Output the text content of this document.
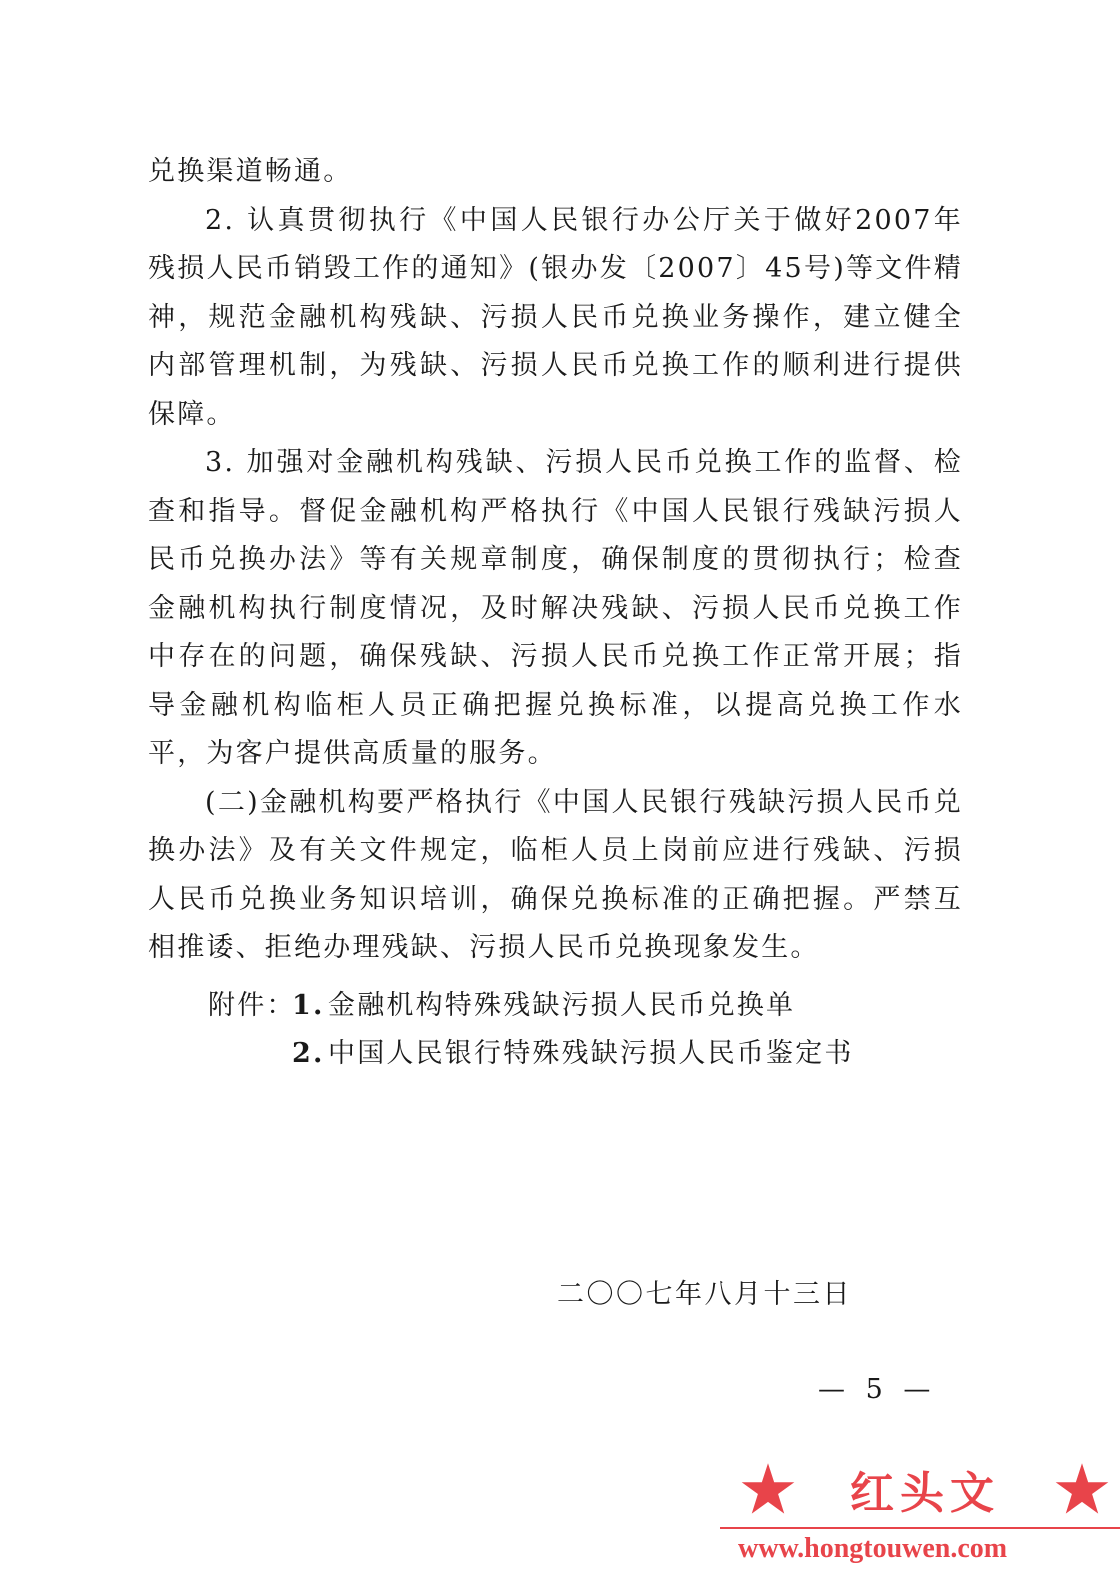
兑换渠道畅通。

2. 认真贯彻执行《中国人民银行办公厅关于做好2007年残损人民币销毁工作的通知》(银办发〔2007〕45号)等文件精神，规范金融机构残缺、污损人民币兑换业务操作，建立健全内部管理机制，为残缺、污损人民币兑换工作的顺利进行提供保障。

3. 加强对金融机构残缺、污损人民币兑换工作的监督、检查和指导。督促金融机构严格执行《中国人民银行残缺污损人民币兑换办法》等有关规章制度，确保制度的贯彻执行；检查金融机构执行制度情况，及时解决残缺、污损人民币兑换工作中存在的问题，确保残缺、污损人民币兑换工作正常开展；指导金融机构临柜人员正确把握兑换标准，以提高兑换工作水平，为客户提供高质量的服务。

(二)金融机构要严格执行《中国人民银行残缺污损人民币兑换办法》及有关文件规定，临柜人员上岗前应进行残缺、污损人民币兑换业务知识培训，确保兑换标准的正确把握。严禁互相推诿、拒绝办理残缺、污损人民币兑换现象发生。

附件：1. 金融机构特殊残缺污损人民币兑换单
2. 中国人民银行特殊残缺污损人民币鉴定书
二〇〇七年八月十三日
— 5 —
红头文
www.hongtouwen.com
